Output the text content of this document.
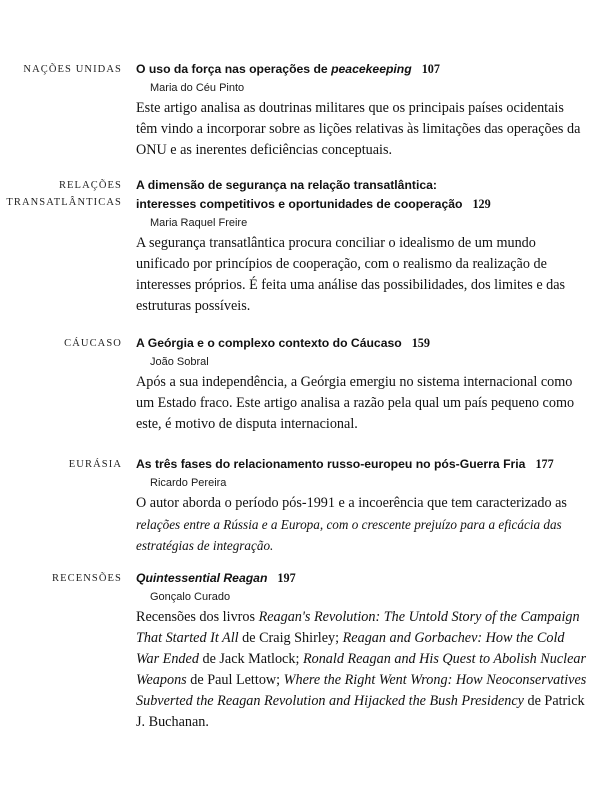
NAÇÕES UNIDAS O uso da força nas operações de peacekeeping 107
Maria do Céu Pinto
Este artigo analisa as doutrinas militares que os principais países ocidentais têm vindo a incorporar sobre as lições relativas às limitações das operações da ONU e as inerentes deficiências conceptuais.
RELAÇÕES
TRANSATLÂNTICAS
A dimensão de segurança na relação transatlântica:
interesses competitivos e oportunidades de cooperação 129
Maria Raquel Freire
A segurança transatlântica procura conciliar o idealismo de um mundo unificado por princípios de cooperação, com o realismo da realização de interesses próprios. É feita uma análise das possibilidades, dos limites e das estruturas possíveis.
CÁUCASO A Geórgia e o complexo contexto do Cáucaso 159
João Sobral
Após a sua independência, a Geórgia emergiu no sistema internacional como um Estado fraco. Este artigo analisa a razão pela qual um país pequeno como este, é motivo de disputa internacional.
EURÁSIA As três fases do relacionamento russo-europeu no pós-Guerra Fria 177
Ricardo Pereira
O autor aborda o período pós-1991 e a incoerência que tem caracterizado as
relações entre a Rússia e a Europa, com o crescente prejuízo para a eficácia das
estratégias de integração.
RECENSÕES Quintessential Reagan 197
Gonçalo Curado
Recensões dos livros Reagan's Revolution: The Untold Story of the Campaign That Started It All de Craig Shirley; Reagan and Gorbachev: How the Cold War Ended de Jack Matlock; Ronald Reagan and His Quest to Abolish Nuclear Weapons de Paul Lettow; Where the Right Went Wrong: How Neoconservatives Subverted the Reagan Revolution and Hijacked the Bush Presidency de Patrick J. Buchanan.
